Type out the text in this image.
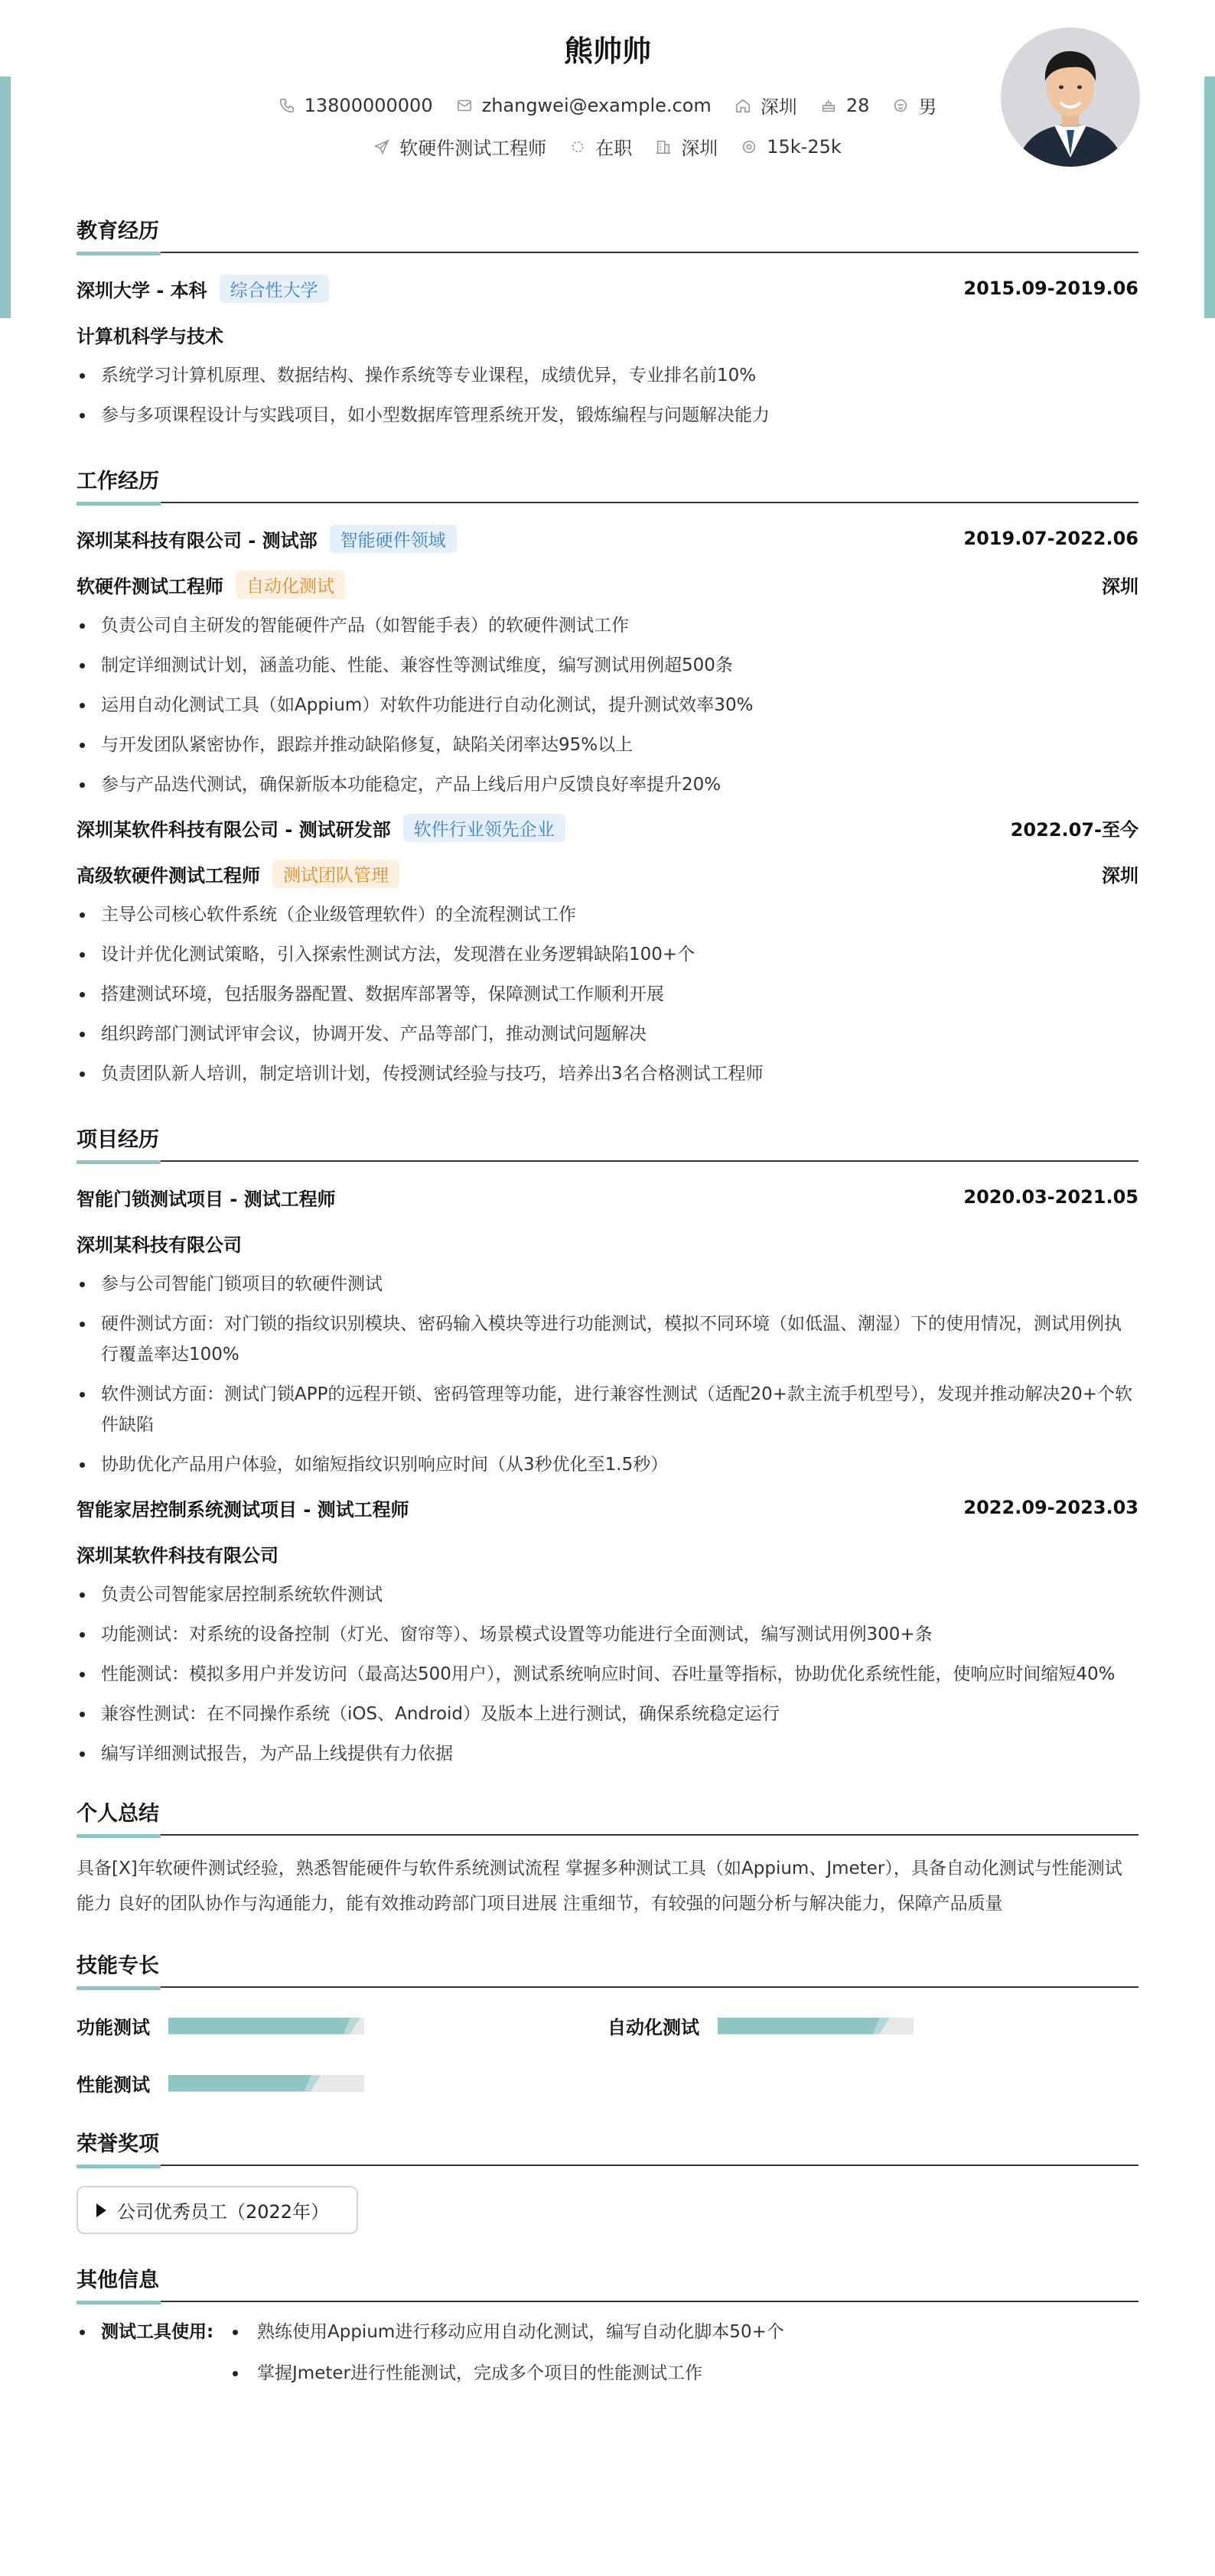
熊帅帅
13800000000	zhangwei@example.com	深圳	28	男
软硬件测试工程师	在职	深圳	15k-25k
教育经历
深圳大学 - 本科	综合性大学	2015.09-2019.06
计算机科学与技术
系统学习计算机原理、数据结构、操作系统等专业课程，成绩优异，专业排名前10%
参与多项课程设计与实践项目，如小型数据库管理系统开发，锻炼编程与问题解决能力
工作经历
深圳某科技有限公司 - 测试部	智能硬件领域	2019.07-2022.06
软硬件测试工程师	自动化测试	深圳
负责公司自主研发的智能硬件产品（如智能手表）的软硬件测试工作
制定详细测试计划，涵盖功能、性能、兼容性等测试维度，编写测试用例超500条
运用自动化测试工具（如Appium）对软件功能进行自动化测试，提升测试效率30%
与开发团队紧密协作，跟踪并推动缺陷修复，缺陷关闭率达95%以上
参与产品迭代测试，确保新版本功能稳定，产品上线后用户反馈良好率提升20%
深圳某软件科技有限公司 - 测试研发部	软件行业领先企业	2022.07-至今
高级软硬件测试工程师	测试团队管理	深圳
主导公司核心软件系统（企业级管理软件）的全流程测试工作
设计并优化测试策略，引入探索性测试方法，发现潜在业务逻辑缺陷100+个
搭建测试环境，包括服务器配置、数据库部署等，保障测试工作顺利开展
组织跨部门测试评审会议，协调开发、产品等部门，推动测试问题解决
负责团队新人培训，制定培训计划，传授测试经验与技巧，培养出3名合格测试工程师
项目经历
智能门锁测试项目 - 测试工程师	2020.03-2021.05
深圳某科技有限公司
参与公司智能门锁项目的软硬件测试
硬件测试方面：对门锁的指纹识别模块、密码输入模块等进行功能测试，模拟不同环境（如低温、潮湿）下的使用情况，测试用例执行覆盖率达100%
软件测试方面：测试门锁APP的远程开锁、密码管理等功能，进行兼容性测试（适配20+款主流手机型号），发现并推动解决20+个软件缺陷
协助优化产品用户体验，如缩短指纹识别响应时间（从3秒优化至1.5秒）
智能家居控制系统测试项目 - 测试工程师	2022.09-2023.03
深圳某软件科技有限公司
负责公司智能家居控制系统软件测试
功能测试：对系统的设备控制（灯光、窗帘等）、场景模式设置等功能进行全面测试，编写测试用例300+条
性能测试：模拟多用户并发访问（最高达500用户），测试系统响应时间、吞吐量等指标，协助优化系统性能，使响应时间缩短40%
兼容性测试：在不同操作系统（iOS、Android）及版本上进行测试，确保系统稳定运行
编写详细测试报告，为产品上线提供有力依据
个人总结

具备[X]年软硬件测试经验，熟悉智能硬件与软件系统测试流程 掌握多种测试工具（如Appium、Jmeter），具备自动化测试与性能测试能力 良好的团队协作与沟通能力，能有效推动跨部门项目进展 注重细节，有较强的问题分析与解决能力，保障产品质量

技能专长
功能测试	自动化测试
性能测试
荣誉奖项
公司优秀员工（2022年）
其他信息
测试工具使用:	熟练使用Appium进行移动应用自动化测试，编写自动化脚本50+个
掌握Jmeter进行性能测试，完成多个项目的性能测试工作
